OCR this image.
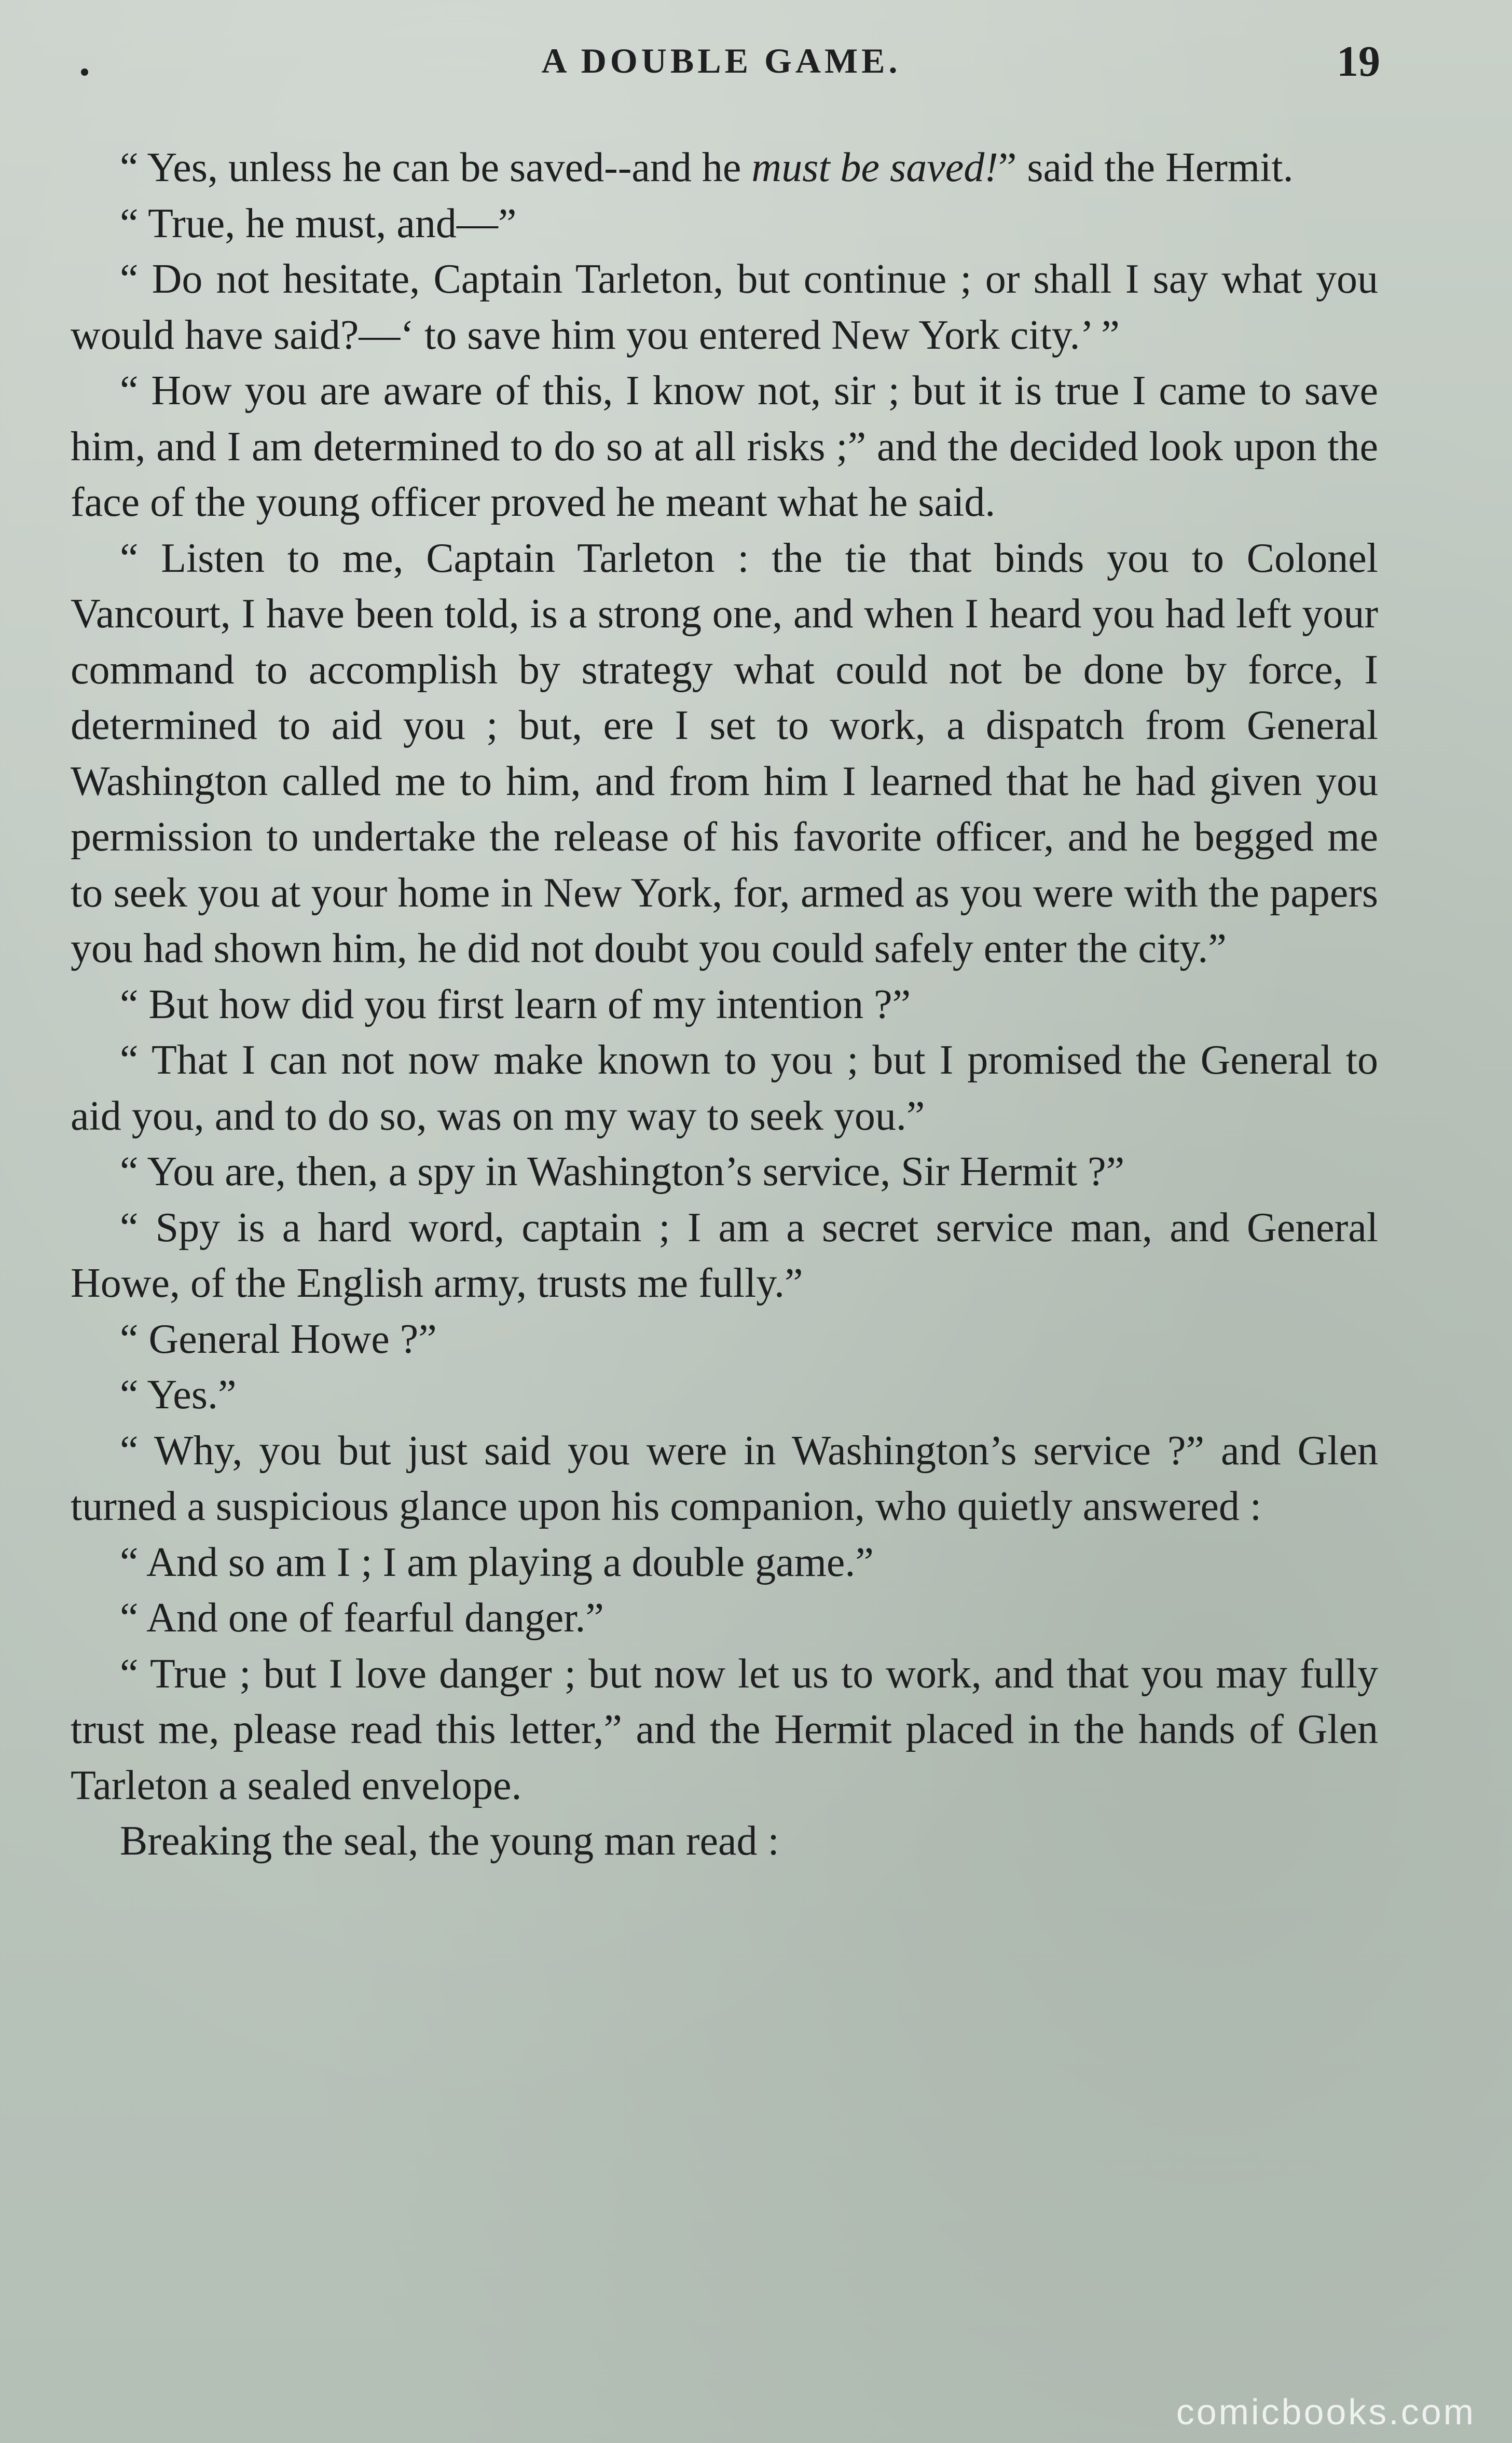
A DOUBLE GAME.	19

“ Yes, unless he can be saved--and he must be saved!” said the Hermit.

“ True, he must, and—”

“ Do not hesitate, Captain Tarleton, but continue ; or shall I say what you would have said?—‘ to save him you entered New York city.’ ”

“ How you are aware of this, I know not, sir ; but it is true I came to save him, and I am determined to do so at all risks ;” and the decided look upon the face of the young officer proved he meant what he said.

“ Listen to me, Captain Tarleton : the tie that binds you to Colonel Vancourt, I have been told, is a strong one, and when I heard you had left your command to accomplish by strategy what could not be done by force, I determined to aid you ; but, ere I set to work, a dispatch from General Washington called me to him, and from him I learned that he had given you permission to undertake the release of his favorite officer, and he begged me to seek you at your home in New York, for, armed as you were with the papers you had shown him, he did not doubt you could safely enter the city.”

“ But how did you first learn of my intention ?”

“ That I can not now make known to you ; but I promised the General to aid you, and to do so, was on my way to seek you.”

“ You are, then, a spy in Washington’s service, Sir Hermit ?”

“ Spy is a hard word, captain ; I am a secret service man, and General Howe, of the English army, trusts me fully.”

“ General Howe ?”

“ Yes.”

“ Why, you but just said you were in Washington’s service ?” and Glen turned a suspicious glance upon his companion, who quietly answered :

“ And so am I ; I am playing a double game.”

“ And one of fearful danger.”

“ True ; but I love danger ; but now let us to work, and that you may fully trust me, please read this letter,” and the Hermit placed in the hands of Glen Tarleton a sealed envelope.

Breaking the seal, the young man read :

comicbooks.com
